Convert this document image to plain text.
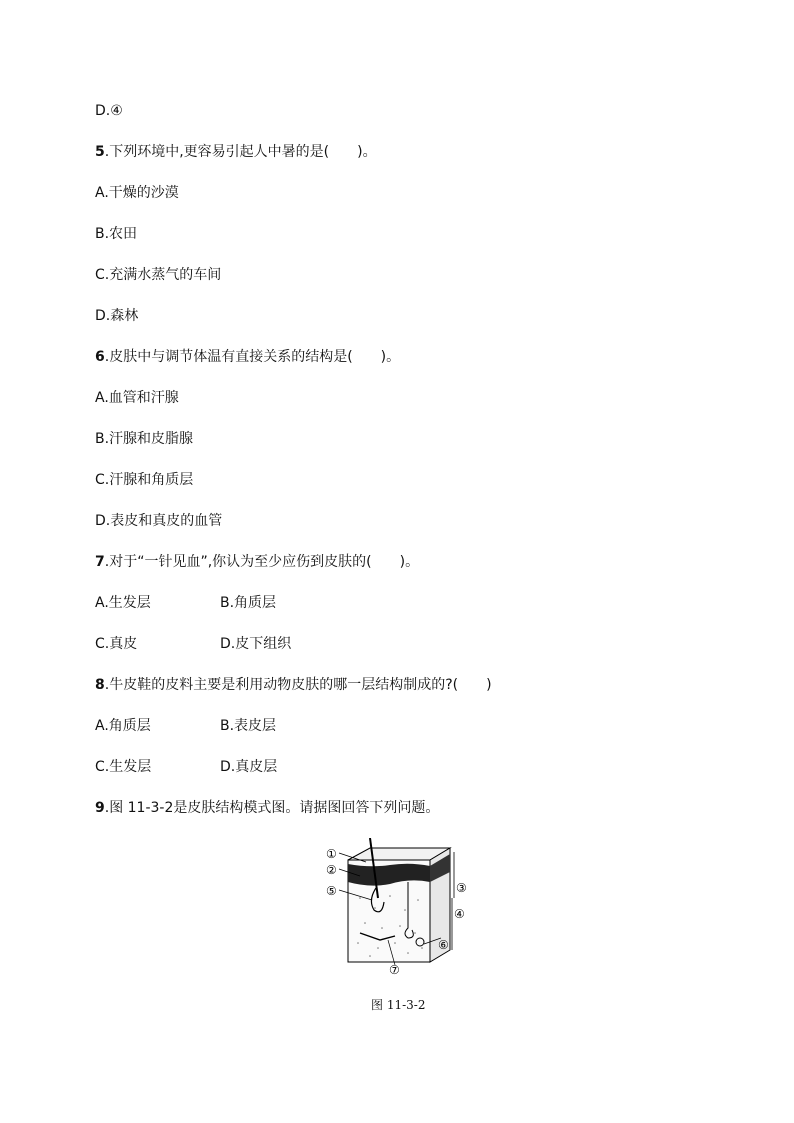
D.④
5.下列环境中,更容易引起人中暑的是(　　)。
A.干燥的沙漠
B.农田
C.充满水蒸气的车间
D.森林
6.皮肤中与调节体温有直接关系的结构是(　　)。
A.血管和汗腺
B.汗腺和皮脂腺
C.汗腺和角质层
D.表皮和真皮的血管
7.对于“一针见血”,你认为至少应伤到皮肤的(　　)。
A.生发层	B.角质层
C.真皮	D.皮下组织
8.牛皮鞋的皮料主要是利用动物皮肤的哪一层结构制成的?(　　)
A.角质层	B.表皮层
C.生发层	D.真皮层
9.图 11-3-2是皮肤结构模式图。请据图回答下列问题。
①
②
③
④
⑤
⑥
⑦
图 11-3-2
